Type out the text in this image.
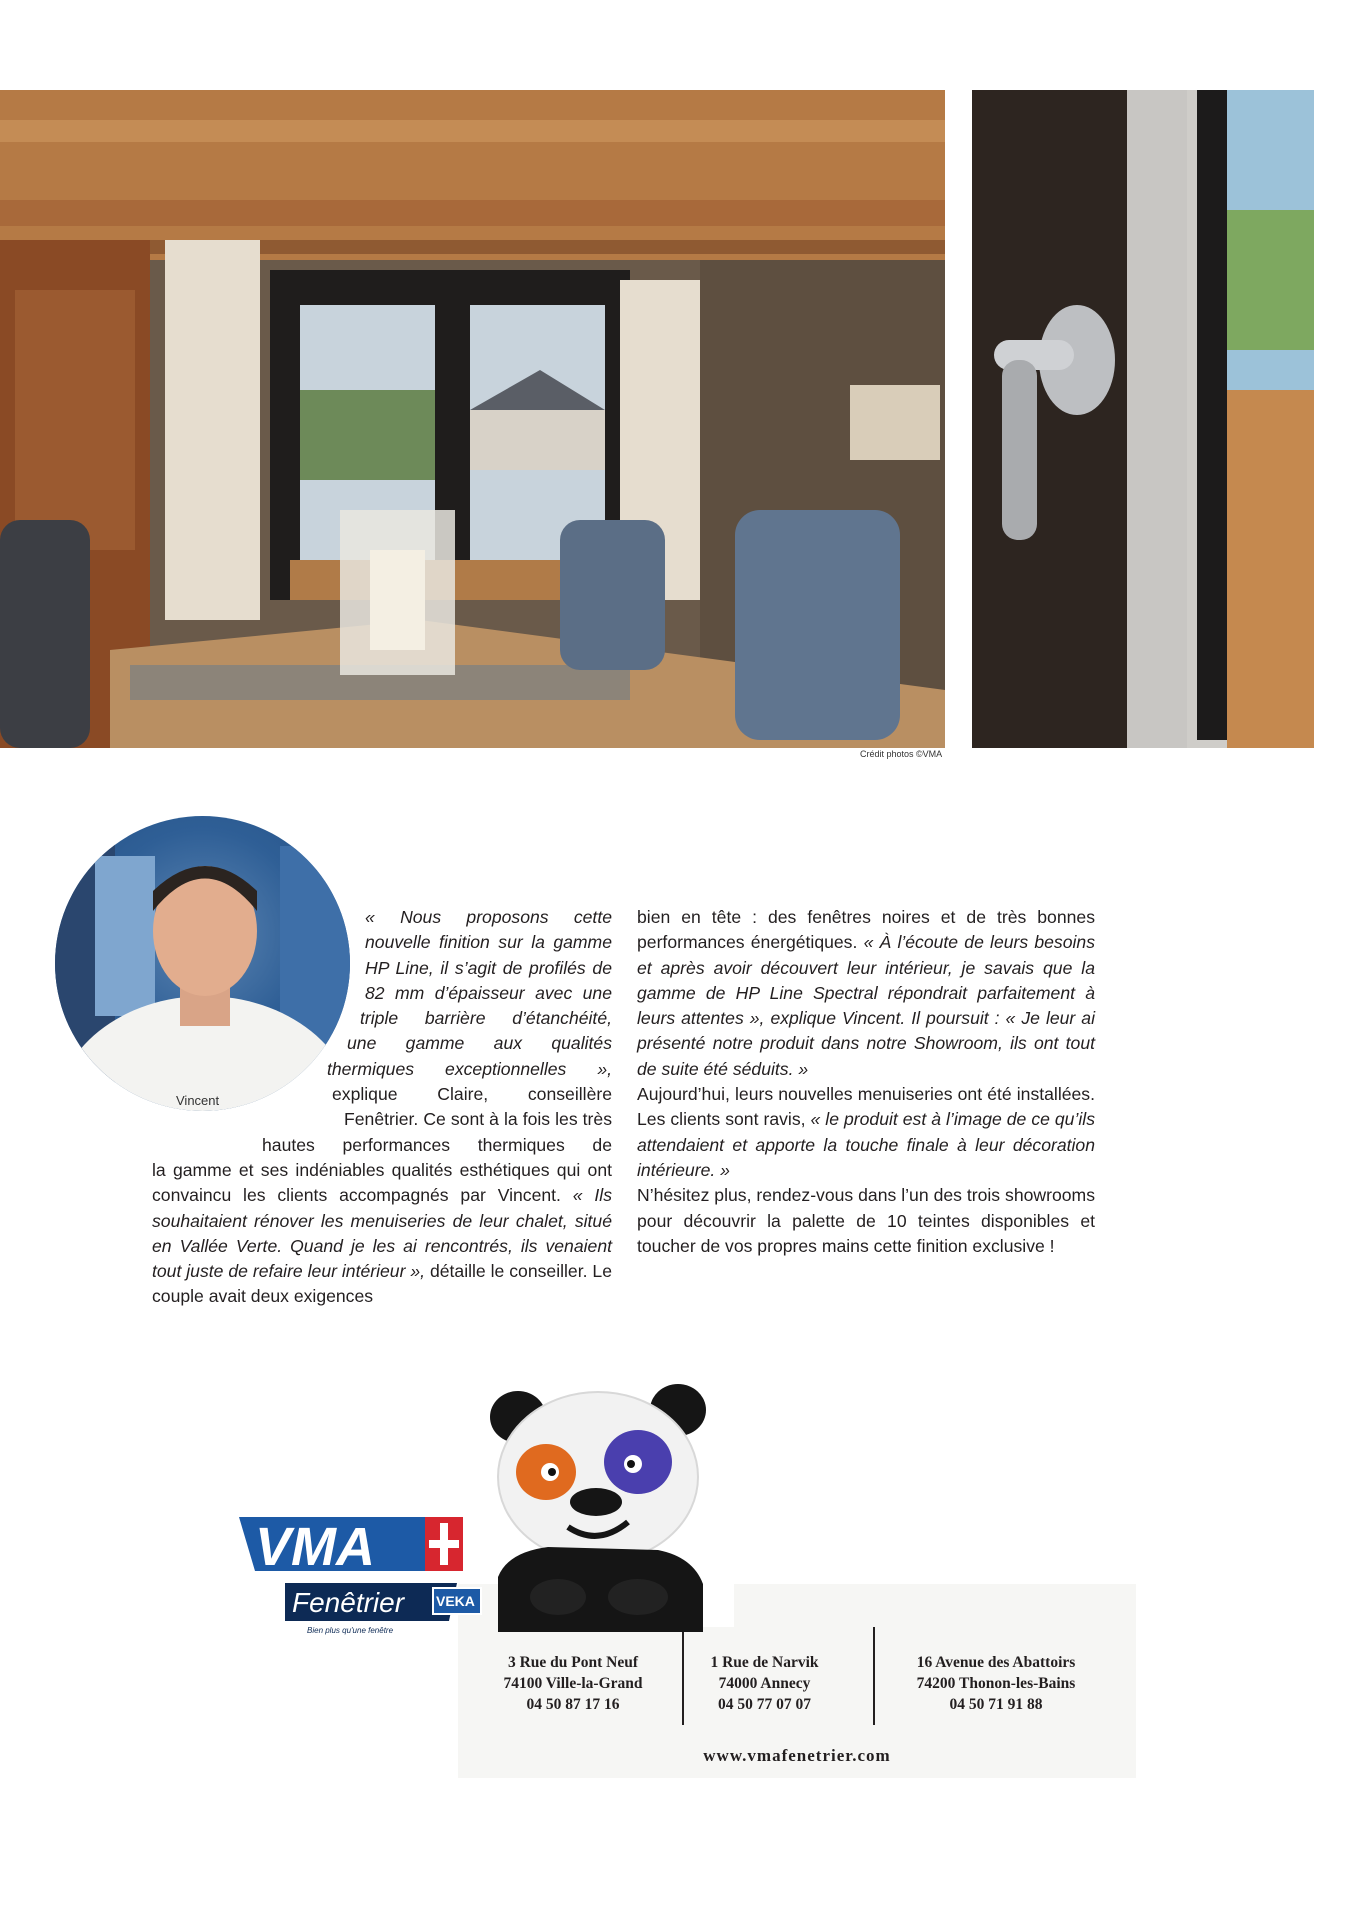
Crédit photos ©VMA
Vincent

« Nous proposons cette
nouvelle finition sur la gamme
HP Line, il s’agit de profilés de
82 mm d’épaisseur avec une

triple barrière d’étanchéité,

une gamme aux qualités

thermiques exceptionnelles »,

explique Claire, conseillère

Fenêtrier. Ce sont à la fois les très

hautes performances thermiques de

la gamme et ses indéniables qualités esthétiques qui ont convaincu les clients accompagnés par Vincent. « Ils souhaitaient rénover les menuiseries de leur chalet, situé en Vallée Verte. Quand je les ai rencontrés, ils venaient tout juste de refaire leur intérieur », détaille le conseiller. Le couple avait deux exigences

bien en tête : des fenêtres noires et de très bonnes performances énergétiques. « À l’écoute de leurs besoins et après avoir découvert leur intérieur, je savais que la gamme de HP Line Spectral répondrait parfaitement à leurs attentes », explique Vincent. Il poursuit : « Je leur ai présenté notre produit dans notre Showroom, ils ont tout de suite été séduits. »

Aujourd’hui, leurs nouvelles menuiseries ont été installées. Les clients sont ravis, « le produit est à l’image de ce qu’ils attendaient et apporte la touche finale à leur décoration intérieure. »

N’hésitez plus, rendez-vous dans l’un des trois showrooms pour découvrir la palette de 10 teintes disponibles et toucher de vos propres mains cette finition exclusive !

3 Rue du Pont Neuf
74100 Ville-la-Grand
04 50 87 17 16
1 Rue de Narvik
74000 Annecy
04 50 77 07 07
16 Avenue des Abattoirs
74200 Thonon-les-Bains
04 50 71 91 88
www.vmafenetrier.com
VMA
Fenêtrier VEKA
Bien plus qu'une fenêtre
